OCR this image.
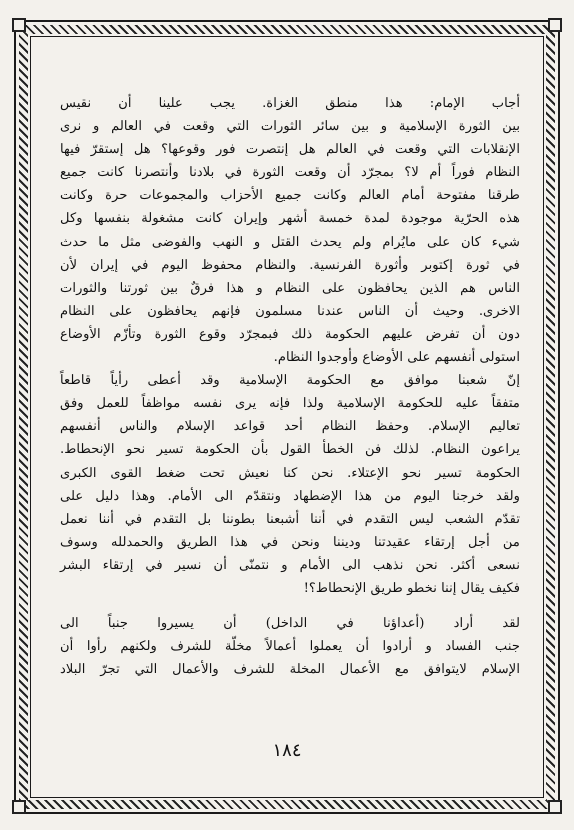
أجاب الإمام: هذا منطق الغزاة. يجب علينا أن نقيس
بين الثورة الإسلامية و بين سائر الثورات التي وقعت في العالم و نرى
الإنقلابات التي وقعت في العالم هل إنتصرت فور وقوعها؟ هل إستقرّ فيها
النظام فوراً أم لا؟ بمجرّد أن وقعت الثورة في بلادنا وأنتصرنا كانت جميع
طرقنا مفتوحة أمام العالم وكانت جميع الأحزاب والمجموعات حرة وكانت
هذه الحرّية موجودة لمدة خمسة أشهر وإيران كانت مشغولة بنفسها وكل
شيء كان على مايُرام ولم يحدث القتل و النهب والفوضى مثل ما حدث
في ثورة إكتوبر وأثورة الفرنسية. والنظام محفوظ اليوم في إيران لأن
الناس هم الذين يحافظون على النظام و هذا فرقٌ بين ثورتنا والثورات
الاخرى. وحيث أن الناس عندنا مسلمون فإنهم يحافظون على النظام
دون أن تفرض عليهم الحكومة ذلك فبمجرّد وقوع الثورة وتأزّم الأوضاع
استولى أنفسهم على الأوضاع وأوجدوا النظام.

إنّ شعبنا موافق مع الحكومة الإسلامية وقد أعطى رأياً قاطعاً
متفقاً عليه للحكومة الإسلامية ولذا فإنه يرى نفسه مواظفاً للعمل وفق
تعاليم الإسلام. وحفظ النظام أحد قواعد الإسلام والناس أنفسهم
يراعون النظام. لذلك فن الخطأ القول بأن الحكومة تسير نحو الإنحطاط.
الحكومة تسير نحو الإعتلاء. نحن كنا نعيش تحت ضغط القوى الكبرى
ولقد خرجنا اليوم من هذا الإضطهاد ونتقدّم الى الأمام. وهذا دليل على
تقدّم الشعب ليس التقدم في أننا أشبعنا بطوننا بل التقدم في أننا نعمل
من أجل إرتقاء عقيدتنا وديننا ونحن في هذا الطريق والحمدلله وسوف
نسعى أكثر. نحن نذهب الى الأمام و نتمنّى أن نسير في إرتقاء البشر
فكيف يقال إننا نخطو طريق الإنحطاط؟!

لقد أراد (أعداؤنا في الداخل) أن يسيروا جنباً الى
جنب الفساد و أرادوا أن يعملوا أعمالاً مخلّة للشرف ولكنهم رأوا أن
الإسلام لايتوافق مع الأعمال المخلة للشرف والأعمال التي تجرّ البلاد

١٨٤
